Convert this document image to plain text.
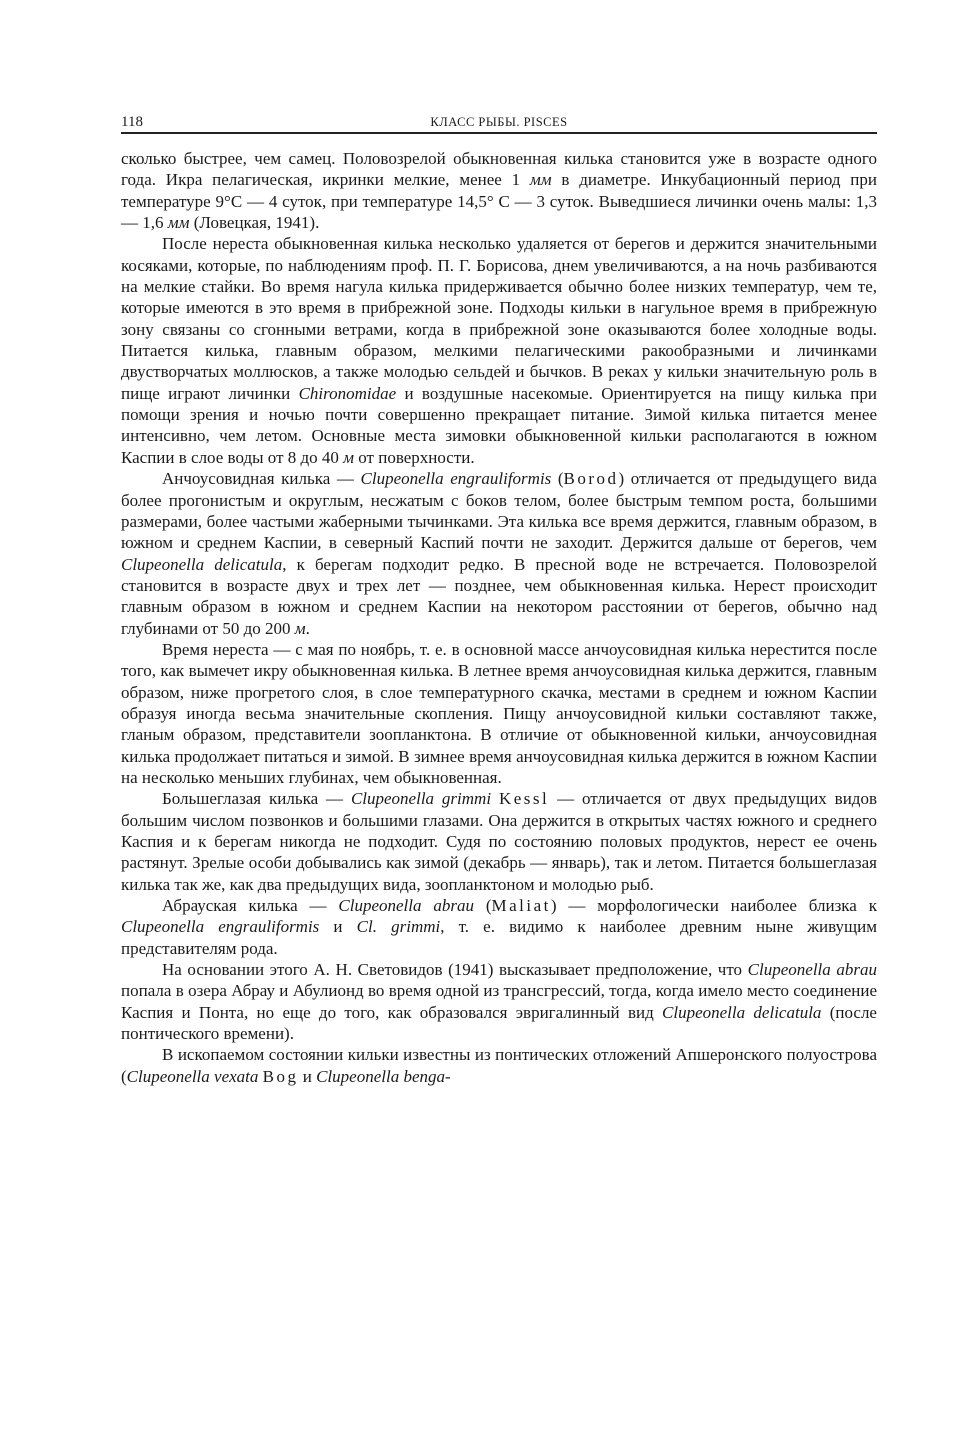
118	КЛАСС РЫБЫ. PISCES

сколько быстрее, чем самец. Половозрелой обыкновенная килька становится уже в возрасте одного года. Икра пелагическая, икринки мелкие, менее 1 мм в диаметре. Инкубационный период при температуре 9°С — 4 суток, при температуре 14,5° С — 3 суток. Выведшиеся личинки очень малы: 1,3 — 1,6 мм (Ловецкая, 1941).

После нереста обыкновенная килька несколько удаляется от берегов и держится значительными косяками, которые, по наблюдениям проф. П. Г. Борисова, днем увеличиваются, а на ночь разбиваются на мелкие стайки. Во время нагула килька придерживается обычно более низких температур, чем те, которые имеются в это время в прибрежной зоне. Подходы кильки в нагульное время в прибрежную зону связаны со сгонными ветрами, когда в прибрежной зоне оказываются более холодные воды. Питается килька, главным образом, мелкими пелагическими ракообразными и личинками двустворчатых моллюсков, а также молодью сельдей и бычков. В реках у кильки значительную роль в пище играют личинки Chironomidae и воздушные насекомые. Ориентируется на пищу килька при помощи зрения и ночью почти совершенно прекращает питание. Зимой килька питается менее интенсивно, чем летом. Основные места зимовки обыкновенной кильки располагаются в южном Каспии в слое воды от 8 до 40 м от поверхности.

Анчоусовидная килька — Clupeonella engrauliformis (Borod) отличается от предыдущего вида более прогонистым и округлым, несжатым с боков телом, более быстрым темпом роста, большими размерами, более частыми жаберными тычинками. Эта килька все время держится, главным образом, в южном и среднем Каспии, в северный Каспий почти не заходит. Держится дальше от берегов, чем Clupeonella delicatula, к берегам подходит редко. В пресной воде не встречается. Половозрелой становится в возрасте двух и трех лет — позднее, чем обыкновенная килька. Нерест происходит главным образом в южном и среднем Каспии на некотором расстоянии от берегов, обычно над глубинами от 50 до 200 м.

Время нереста — с мая по ноябрь, т. е. в основной массе анчоусовидная килька нерестится после того, как вымечет икру обыкновенная килька. В летнее время анчоусовидная килька держится, главным образом, ниже прогретого слоя, в слое температурного скачка, местами в среднем и южном Каспии образуя иногда весьма значительные скопления. Пищу анчоусовидной кильки составляют также, гланым образом, представители зоопланктона. В отличие от обыкновенной кильки, анчоусовидная килька продолжает питаться и зимой. В зимнее время анчоусовидная килька держится в южном Каспии на несколько меньших глубинах, чем обыкновенная.

Большеглазая килька — Clupeonella grimmi Kessl — отличается от двух предыдущих видов большим числом позвонков и большими глазами. Она держится в открытых частях южного и среднего Каспия и к берегам никогда не подходит. Судя по состоянию половых продуктов, нерест ее очень растянут. Зрелые особи добывались как зимой (декабрь — январь), так и летом. Питается большеглазая килька так же, как два предыдущих вида, зоопланктоном и молодью рыб.

Абрауская килька — Clupeonella abrau (Maliat) — морфологически наиболее близка к Clupeonella engrauliformis и Cl. grimmi, т. е. видимо к наиболее древним ныне живущим представителям рода.

На основании этого А. Н. Световидов (1941) высказывает предположение, что Clupeonella abrau попала в озера Абрау и Абулионд во время одной из трансгрессий, тогда, когда имело место соединение Каспия и Понта, но еще до того, как образовался эвригалинный вид Clupeonella delicatula (после понтического времени).

В ископаемом состоянии кильки известны из понтических отложений Апшеронского полуострова (Clupeonella vexata Bog и Clupeonella benga-
